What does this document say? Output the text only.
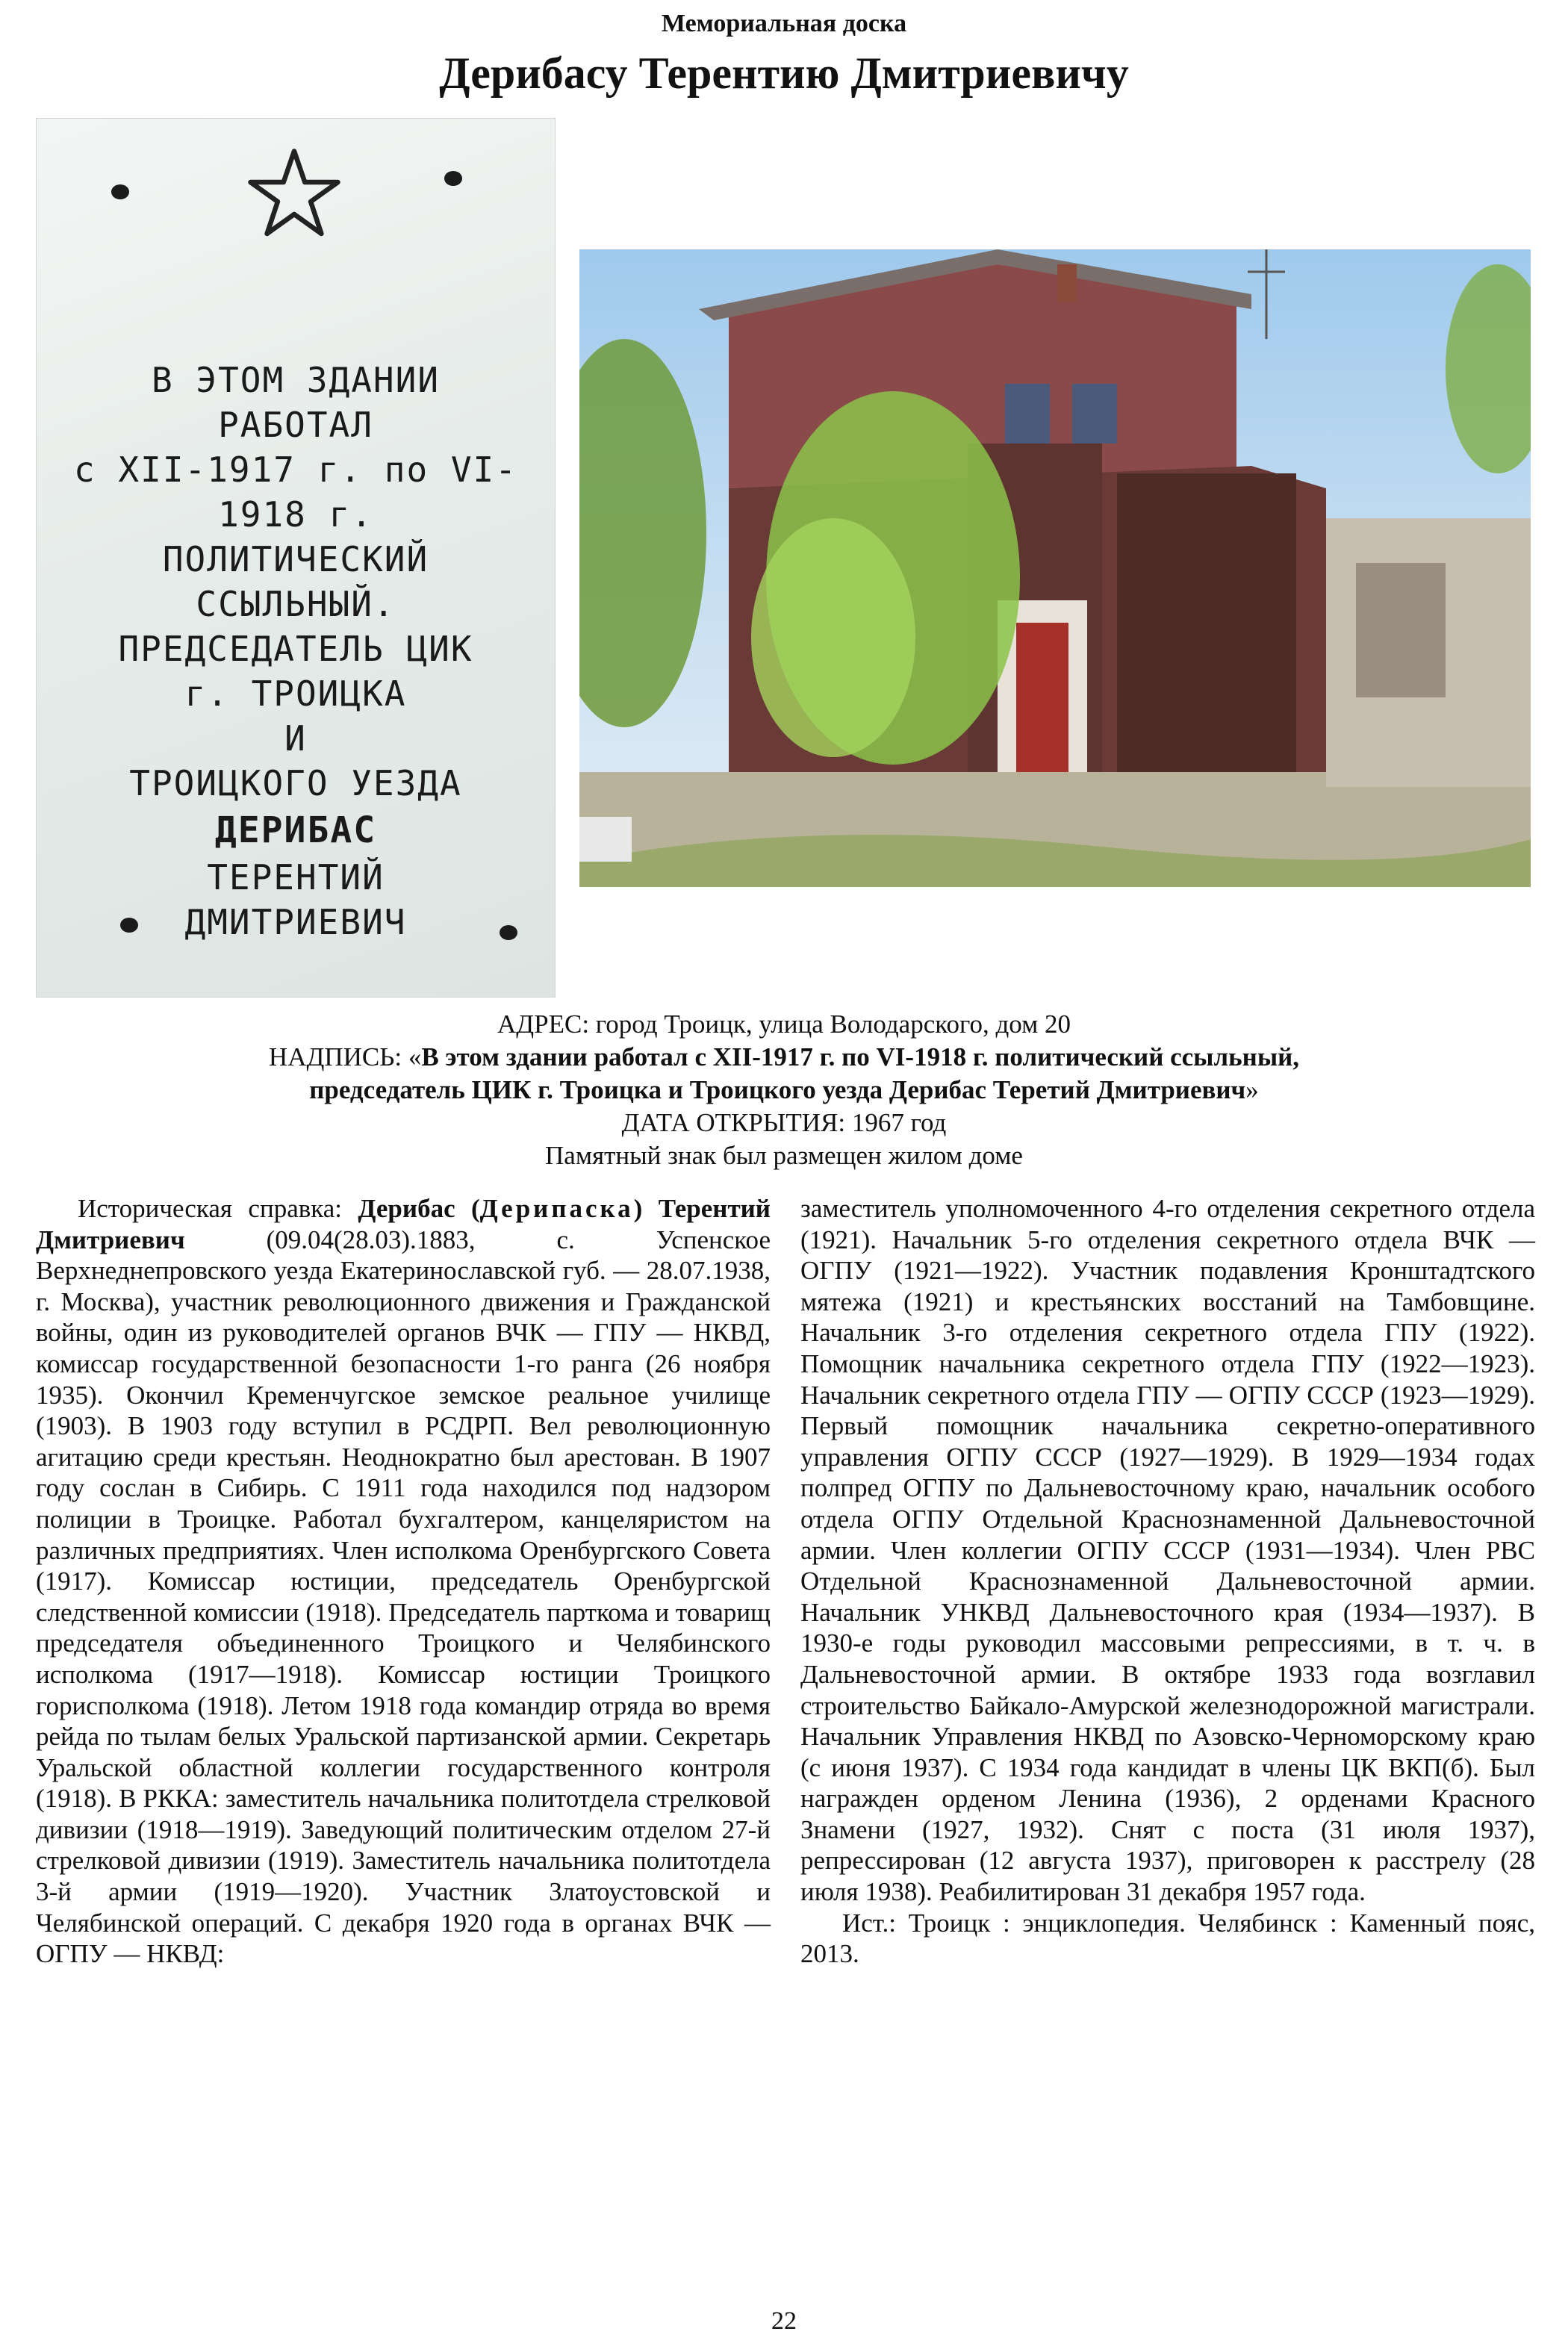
Мемориальная доска
Дерибасу Терентию Дмитриевичу
В ЭТОМ ЗДАНИИ
РАБОТАЛ
с XII-1917 г. по VI-1918 г.
ПОЛИТИЧЕСКИЙ
ССЫЛЬНЫЙ.
ПРЕДСЕДАТЕЛЬ ЦИК
г. ТРОИЦКА
И
ТРОИЦКОГО УЕЗДА
ДЕРИБАС
ТЕРЕНТИЙ
ДМИТРИЕВИЧ
АДРЕС: город Троицк, улица Володарского, дом 20
НАДПИСЬ: «В этом здании работал с XII-1917 г. по VI-1918 г. политический ссыльный,
председатель ЦИК г. Троицка и Троицкого уезда Дерибас Теретий Дмитриевич»
ДАТА ОТКРЫТИЯ: 1967 год
Памятный знак был размещен жилом доме

Историческая справка: Дерибас (Дерипаска) Терентий Дмитриевич (09.04(28.03).1883, с. Успенское Верхнеднепровского уезда Екатеринославской губ. — 28.07.1938, г. Москва), участник революционного движения и Гражданской войны, один из руководителей органов ВЧК — ГПУ — НКВД, комиссар государственной безопасности 1-го ранга (26 ноября 1935). Окончил Кременчугское земское реальное училище (1903). В 1903 году вступил в РСДРП. Вел революционную агитацию среди крестьян. Неоднократно был арестован. В 1907 году сослан в Сибирь. С 1911 года находился под надзором полиции в Троицке. Работал бухгалтером, канцеляристом на различных предприятиях. Член исполкома Оренбургского Совета (1917). Комиссар юстиции, председатель Оренбургской следственной комиссии (1918). Председатель парткома и товарищ председателя объединенного Троицкого и Челябинского исполкома (1917—1918). Комиссар юстиции Троицкого горисполкома (1918). Летом 1918 года командир отряда во время рейда по тылам белых Уральской партизанской армии. Секретарь Уральской областной коллегии государственного контроля (1918). В РККА: заместитель начальника политотдела стрелковой дивизии (1918—1919). Заведующий политическим отделом 27-й стрелковой дивизии (1919). Заместитель начальника политотдела 3-й армии (1919—1920). Участник Златоустовской и Челябинской операций. С декабря 1920 года в органах ВЧК — ОГПУ — НКВД:

заместитель уполномоченного 4-го отделения секретного отдела (1921). Начальник 5-го отделения секретного отдела ВЧК — ОГПУ (1921—1922). Участник подавления Кронштадтского мятежа (1921) и крестьянских восстаний на Тамбовщине. Начальник 3-го отделения секретного отдела ГПУ (1922). Помощник начальника секретного отдела ГПУ (1922—1923). Начальник секретного отдела ГПУ — ОГПУ СССР (1923—1929). Первый помощник начальника секретно-оперативного управления ОГПУ СССР (1927—1929). В 1929—1934 годах полпред ОГПУ по Дальневосточному краю, начальник особого отдела ОГПУ Отдельной Краснознаменной Дальневосточной армии. Член коллегии ОГПУ СССР (1931—1934). Член РВС Отдельной Краснознаменной Дальневосточной армии. Начальник УНКВД Дальневосточного края (1934—1937). В 1930-е годы руководил массовыми репрессиями, в т. ч. в Дальневосточной армии. В октябре 1933 года возглавил строительство Байкало-Амурской железнодорожной магистрали. Начальник Управления НКВД по Азовско-Черноморскому краю (с июня 1937). С 1934 года кандидат в члены ЦК ВКП(б). Был награжден орденом Ленина (1936), 2 орденами Красного Знамени (1927, 1932). Снят с поста (31 июля 1937), репрессирован (12 августа 1937), приговорен к расстрелу (28 июля 1938). Реабилитирован 31 декабря 1957 года.

Ист.: Троицк : энциклопедия. Челябинск : Каменный пояс, 2013.

22
